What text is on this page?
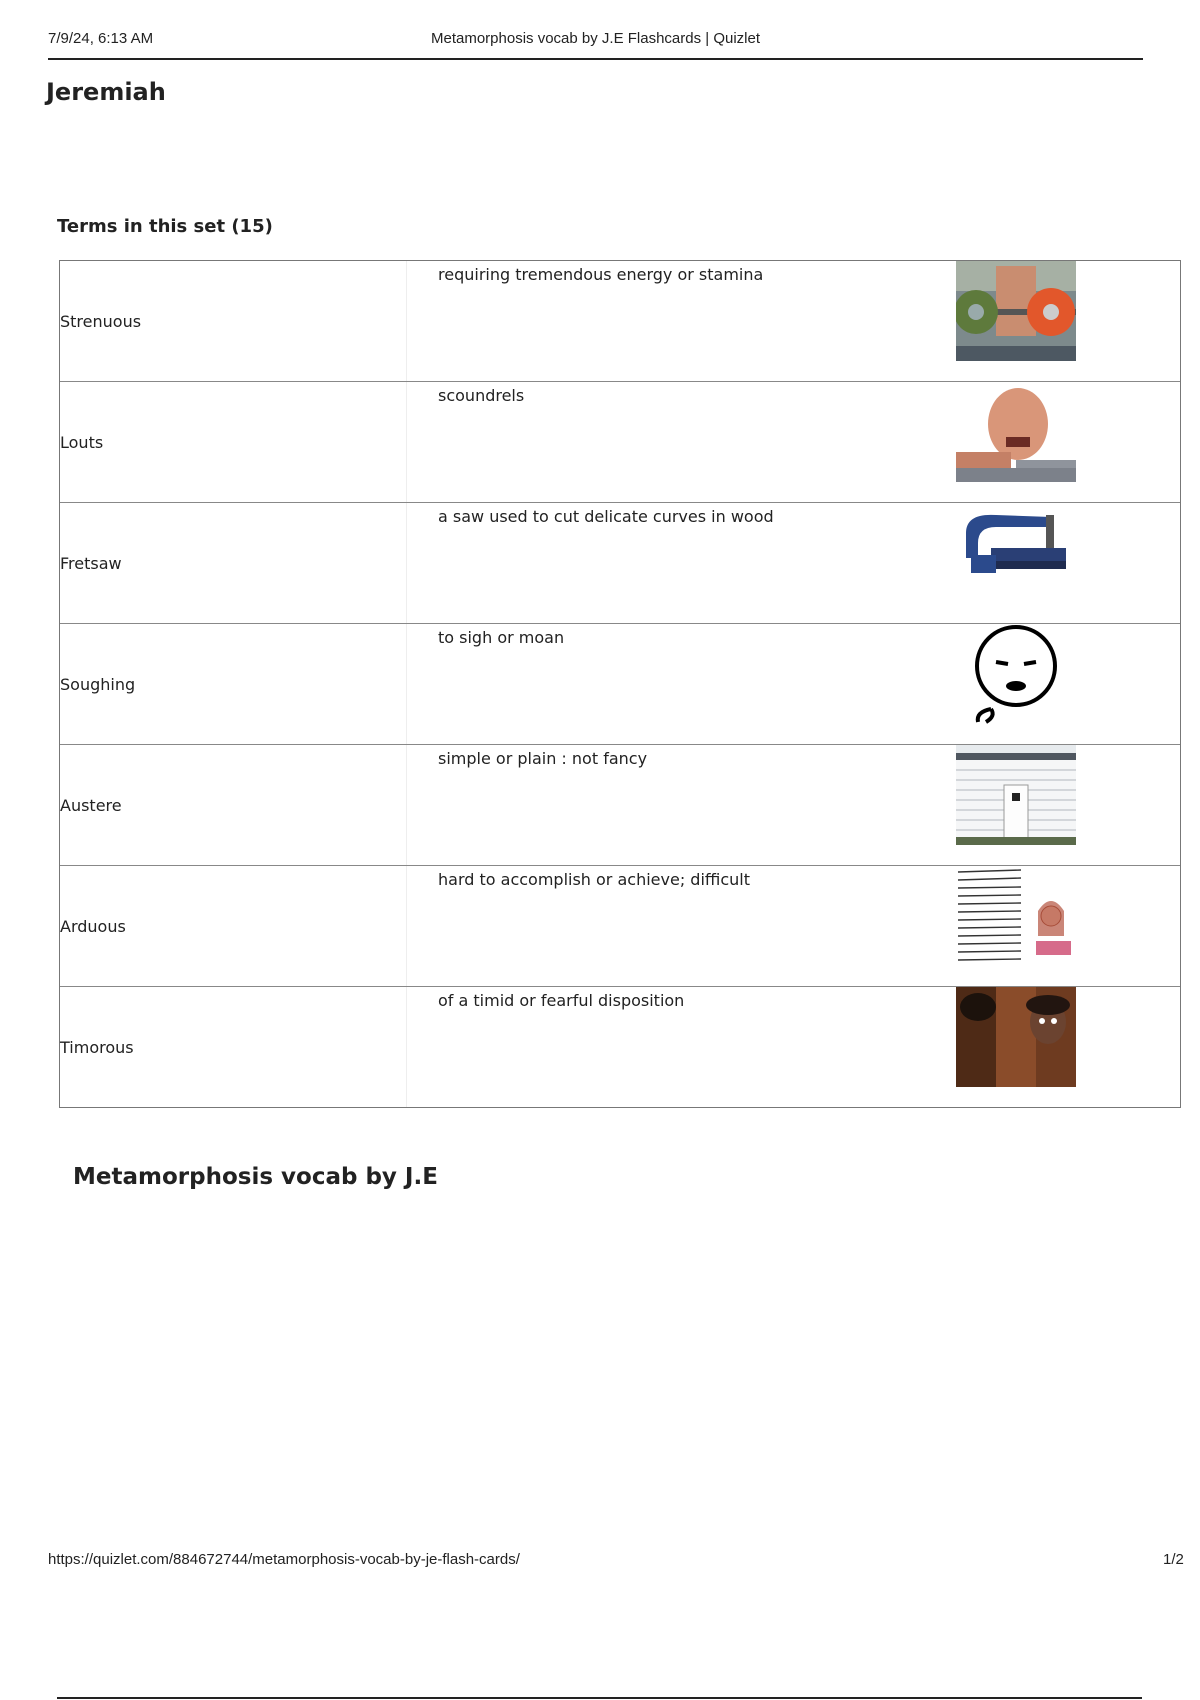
7/9/24, 6:13 AM	Metamorphosis vocab by J.E Flashcards | Quizlet
Jeremiah
Terms in this set (15)
Strenuous
requiring tremendous energy or stamina
Louts
scoundrels
Fretsaw
a saw used to cut delicate curves in wood
Soughing
to sigh or moan
Austere
simple or plain : not fancy
Arduous
hard to accomplish or achieve; difficult
Timorous
of a timid or fearful disposition
Metamorphosis vocab by J.E
https://quizlet.com/884672744/metamorphosis-vocab-by-je-flash-cards/	1/2
